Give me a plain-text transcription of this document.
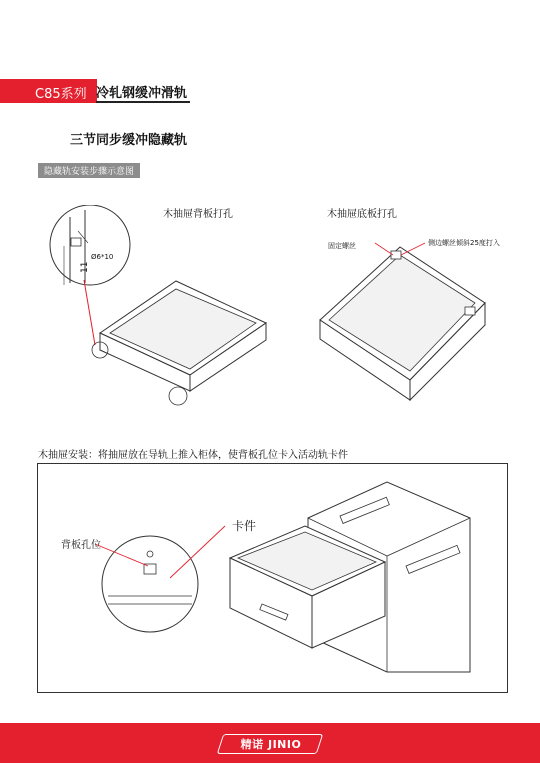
C85系列 冷轧钢缓冲滑轨
三节同步缓冲隐藏轨
隐藏轨安装步骤示意图
木抽屉背板打孔	木抽屉底板打孔
Ø6*10
11
固定螺丝	侧边螺丝倾斜25度打入
木抽屉安装：将抽屉放在导轨上推入柜体，使背板孔位卡入活动轨卡件
背板孔位
卡件
精诺 JINIO
